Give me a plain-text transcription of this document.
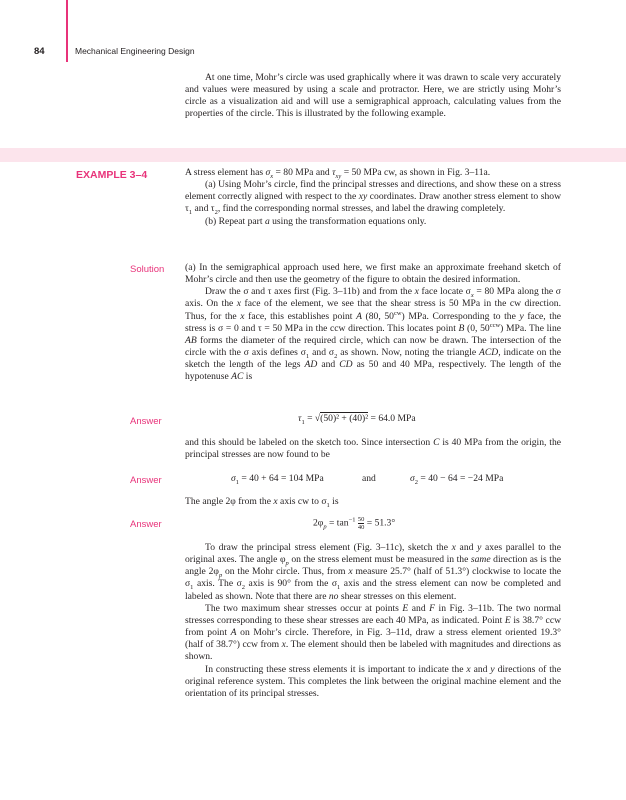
84	Mechanical Engineering Design

At one time, Mohr’s circle was used graphically where it was drawn to scale very accurately and values were measured by using a scale and protractor. Here, we are strictly using Mohr’s circle as a visualization aid and will use a semigraphical approach, calculating values from the properties of the circle. This is illustrated by the following example.

EXAMPLE 3–4	A stress element has $\sigma_x = 80$ MPa and $\tau_{xy} = 50$ MPa cw, as shown in Fig. 3–11a.

(a) Using Mohr’s circle, find the principal stresses and directions, and show these on a stress element correctly aligned with respect to the xy coordinates. Draw another stress element to show $\tau_1$ and $\tau_2$, find the corresponding normal stresses, and label the drawing completely.

(b) Repeat part a using the transformation equations only.

Solution (a) In the semigraphical approach used here, we first make an approximate freehand sketch of Mohr’s circle and then use the geometry of the figure to obtain the desired information.

Draw the σ and τ axes first (Fig. 3–11b) and from the x face locate $\sigma_x = 80$ MPa along the σ axis. On the x face of the element, we see that the shear stress is 50 MPa in the cw direction. Thus, for the x face, this establishes point A (80, $50^{cw}$) MPa. Corresponding to the y face, the stress is σ = 0 and τ = 50 MPa in the ccw direction. This locates point B (0, $50^{ccw}$) MPa. The line AB forms the diameter of the required circle, which can now be drawn. The intersection of the circle with the σ axis defines $\sigma_1$ and $\sigma_2$ as shown. Now, noting the triangle ACD, indicate on the sketch the length of the legs AD and CD as 50 and 40 MPa, respectively. The length of the hypotenuse AC is

Answer	$\tau_1 = √(50)^2 + (40)^2 = 64.0$ MPa

and this should be labeled on the sketch too. Since intersection C is 40 MPa from the origin, the principal stresses are now found to be

Answer	$\sigma_1 = 40 + 64 = 104$ MPa	and	$\sigma_2 = 40 - 64 = -24$ MPa

The angle 2φ from the x axis cw to $\sigma_1$ is

Answer	$2\varphi_p = \tan^{-1} \frac{50}{40} = 51.3^\circ$

To draw the principal stress element (Fig. 3–11c), sketch the x and y axes parallel to the original axes. The angle $\varphi_p$ on the stress element must be measured in the same direction as is the angle $2\varphi_p$ on the Mohr circle. Thus, from x measure 25.7° (half of 51.3°) clockwise to locate the $\sigma_1$ axis. The $\sigma_2$ axis is 90° from the $\sigma_1$ axis and the stress element can now be completed and labeled as shown. Note that there are no shear stresses on this element.

The two maximum shear stresses occur at points E and F in Fig. 3–11b. The two normal stresses corresponding to these shear stresses are each 40 MPa, as indicated. Point E is 38.7° ccw from point A on Mohr’s circle. Therefore, in Fig. 3–11d, draw a stress element oriented 19.3° (half of 38.7°) ccw from x. The element should then be labeled with magnitudes and directions as shown.

In constructing these stress elements it is important to indicate the x and y directions of the original reference system. This completes the link between the original machine element and the orientation of its principal stresses.
